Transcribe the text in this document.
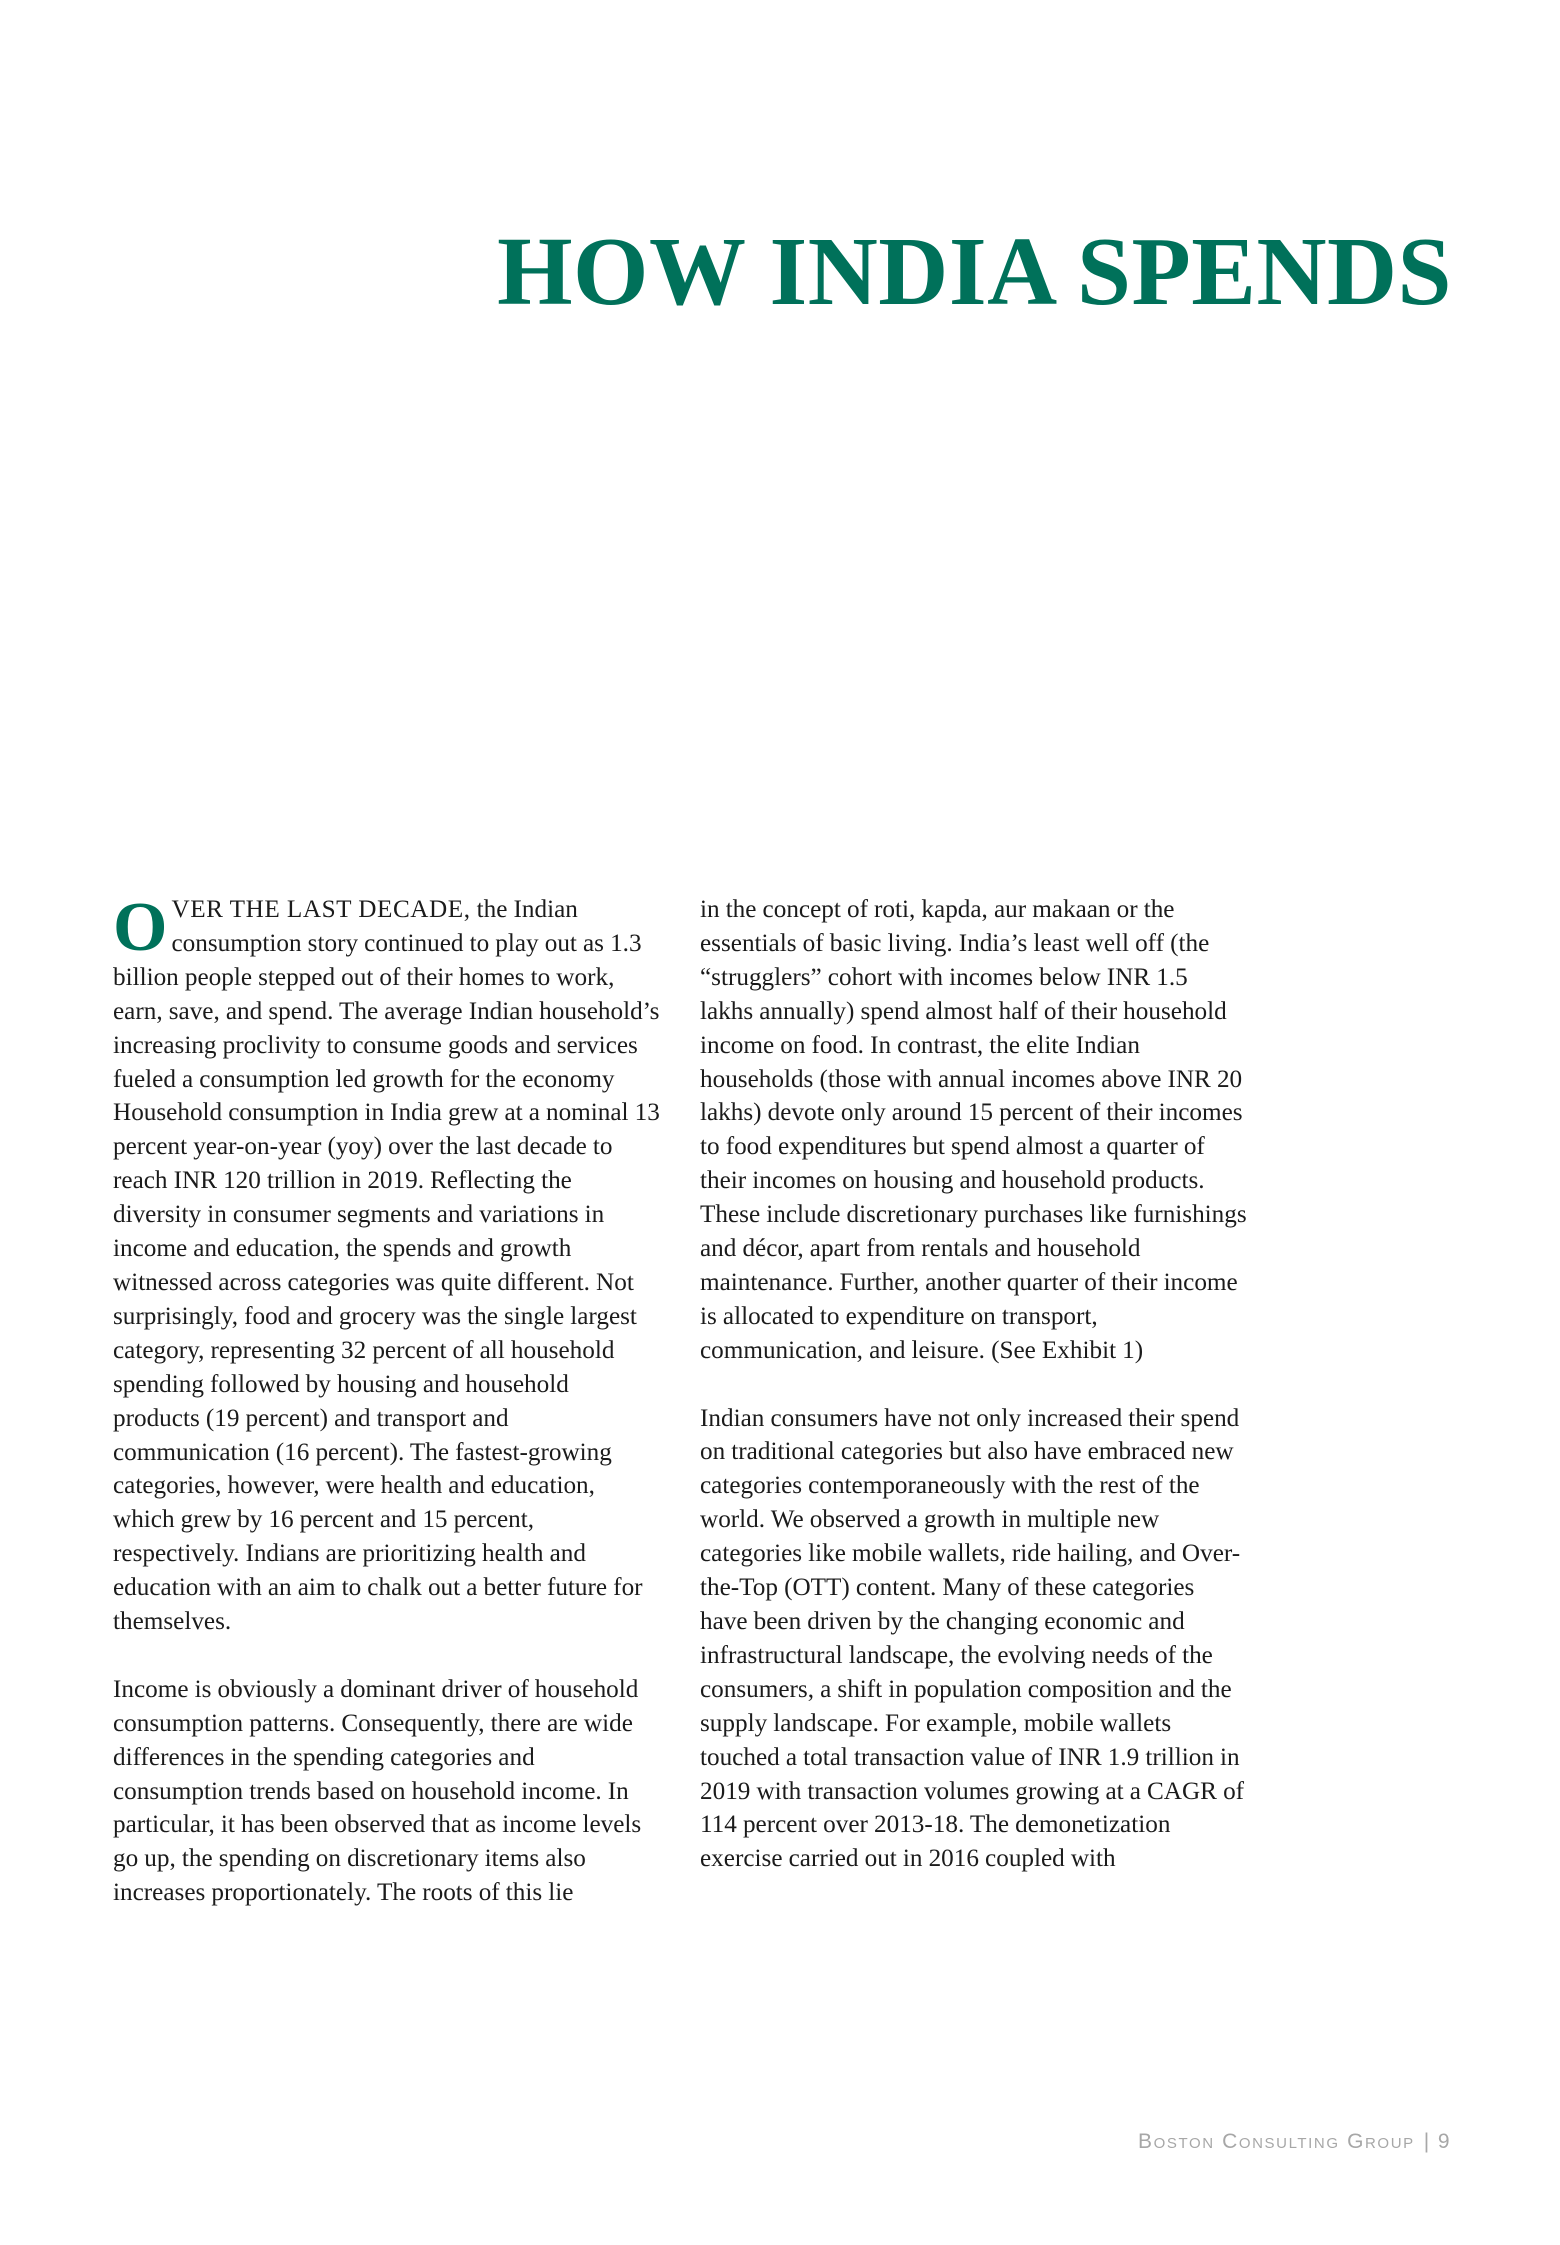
HOW INDIA SPENDS

OVER THE LAST DECADE, the Indian consumption story continued to play out as 1.3 billion people stepped out of their homes to work, earn, save, and spend. The average Indian household’s increasing proclivity to consume goods and services fueled a consumption led growth for the economy Household consumption in India grew at a nominal 13 percent year-on-year (yoy) over the last decade to reach INR 120 trillion in 2019. Reflecting the diversity in consumer segments and variations in income and education, the spends and growth witnessed across categories was quite different. Not surprisingly, food and grocery was the single largest category, representing 32 percent of all household spending followed by housing and household products (19 percent) and transport and communication (16 percent). The fastest-growing categories, however, were health and education, which grew by 16 percent and 15 percent, respectively. Indians are prioritizing health and education with an aim to chalk out a better future for themselves.

Income is obviously a dominant driver of household consumption patterns. Consequently, there are wide differences in the spending categories and consumption trends based on household income. In particular, it has been observed that as income levels go up, the spending on discretionary items also increases proportionately. The roots of this lie

in the concept of roti, kapda, aur makaan or the essentials of basic living. India’s least well off (the “strugglers” cohort with incomes below INR 1.5 lakhs annually) spend almost half of their household income on food. In contrast, the elite Indian households (those with annual incomes above INR 20 lakhs) devote only around 15 percent of their incomes to food expenditures but spend almost a quarter of their incomes on housing and household products. These include discretionary purchases like furnishings and décor, apart from rentals and household maintenance. Further, another quarter of their income is allocated to expenditure on transport, communication, and leisure. (See Exhibit 1)

Indian consumers have not only increased their spend on traditional categories but also have embraced new categories contemporaneously with the rest of the world. We observed a growth in multiple new categories like mobile wallets, ride hailing, and Over-the-Top (OTT) content. Many of these categories have been driven by the changing economic and infrastructural landscape, the evolving needs of the consumers, a shift in population composition and the supply landscape. For example, mobile wallets touched a total transaction value of INR 1.9 trillion in 2019 with transaction volumes growing at a CAGR of 114 percent over 2013-18. The demonetization exercise carried out in 2016 coupled with

Boston Consulting Group | 9
